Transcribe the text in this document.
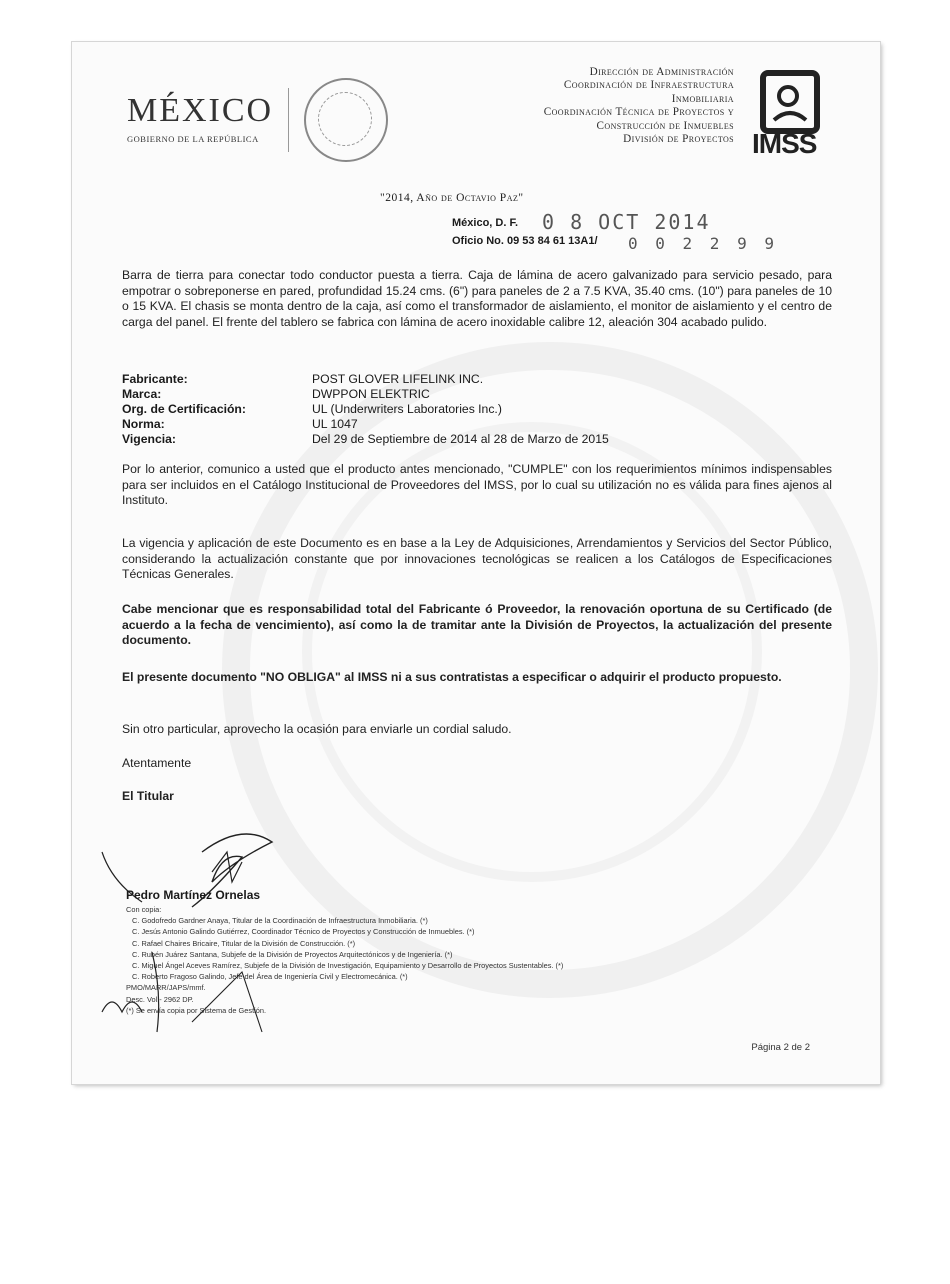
MÉXICO
GOBIERNO DE LA REPÚBLICA
Dirección de Administración
Coordinación de Infraestructura
Inmobiliaria
Coordinación Técnica de Proyectos y
Construcción de Inmuebles
División de Proyectos IMSS
"2014, Año de Octavio Paz"
México, D. F. 0 8 OCT 2014
Oficio No. 09 53 84 61 13A1/ 0 0 2 2 9 9
Barra de tierra para conectar todo conductor puesta a tierra. Caja de lámina de acero galvanizado para servicio pesado, para empotrar o sobreponerse en pared, profundidad 15.24 cms. (6") para paneles de 2 a 7.5 KVA, 35.40 cms. (10") para paneles de 10 o 15 KVA. El chasis se monta dentro de la caja, así como el transformador de aislamiento, el monitor de aislamiento y el centro de carga del panel. El frente del tablero se fabrica con lámina de acero inoxidable calibre 12, aleación 304 acabado pulido.
Fabricante:	POST GLOVER LIFELINK INC.
Marca:	DWPPON ELEKTRIC
Org. de Certificación:	UL (Underwriters Laboratories Inc.)
Norma:	UL 1047
Vigencia:	Del 29 de Septiembre de 2014 al 28 de Marzo de 2015
Por lo anterior, comunico a usted que el producto antes mencionado, "CUMPLE" con los requerimientos mínimos indispensables para ser incluidos en el Catálogo Institucional de Proveedores del IMSS, por lo cual su utilización no es válida para fines ajenos al Instituto.
La vigencia y aplicación de este Documento es en base a la Ley de Adquisiciones, Arrendamientos y Servicios del Sector Público, considerando la actualización constante que por innovaciones tecnológicas se realicen a los Catálogos de Especificaciones Técnicas Generales.
Cabe mencionar que es responsabilidad total del Fabricante ó Proveedor, la renovación oportuna de su Certificado (de acuerdo a la fecha de vencimiento), así como la de tramitar ante la División de Proyectos, la actualización del presente documento.
El presente documento "NO OBLIGA" al IMSS ni a sus contratistas a especificar o adquirir el producto propuesto.
Sin otro particular, aprovecho la ocasión para enviarle un cordial saludo.
Atentamente
El Titular
Pedro Martínez Ornelas
Con copia:
C. Godofredo Gardner Anaya, Titular de la Coordinación de Infraestructura Inmobiliaria. (*)
C. Jesús Antonio Galindo Gutiérrez, Coordinador Técnico de Proyectos y Construcción de Inmuebles. (*)
C. Rafael Chaires Bricaire, Titular de la División de Construcción. (*)
C. Rubén Juárez Santana, Subjefe de la División de Proyectos Arquitectónicos y de Ingeniería. (*)
C. Miguel Ángel Aceves Ramírez, Subjefe de la División de Investigación, Equipamiento y Desarrollo de Proyectos Sustentables. (*)
C. Roberto Fragoso Galindo, Jefe del Área de Ingeniería Civil y Electromecánica. (*)
PMO/MARR/JAPS/mmf.
Desc. Vol.- 2962 DP.
(*) Se envía copia por Sistema de Gestión.
Página 2 de 2
